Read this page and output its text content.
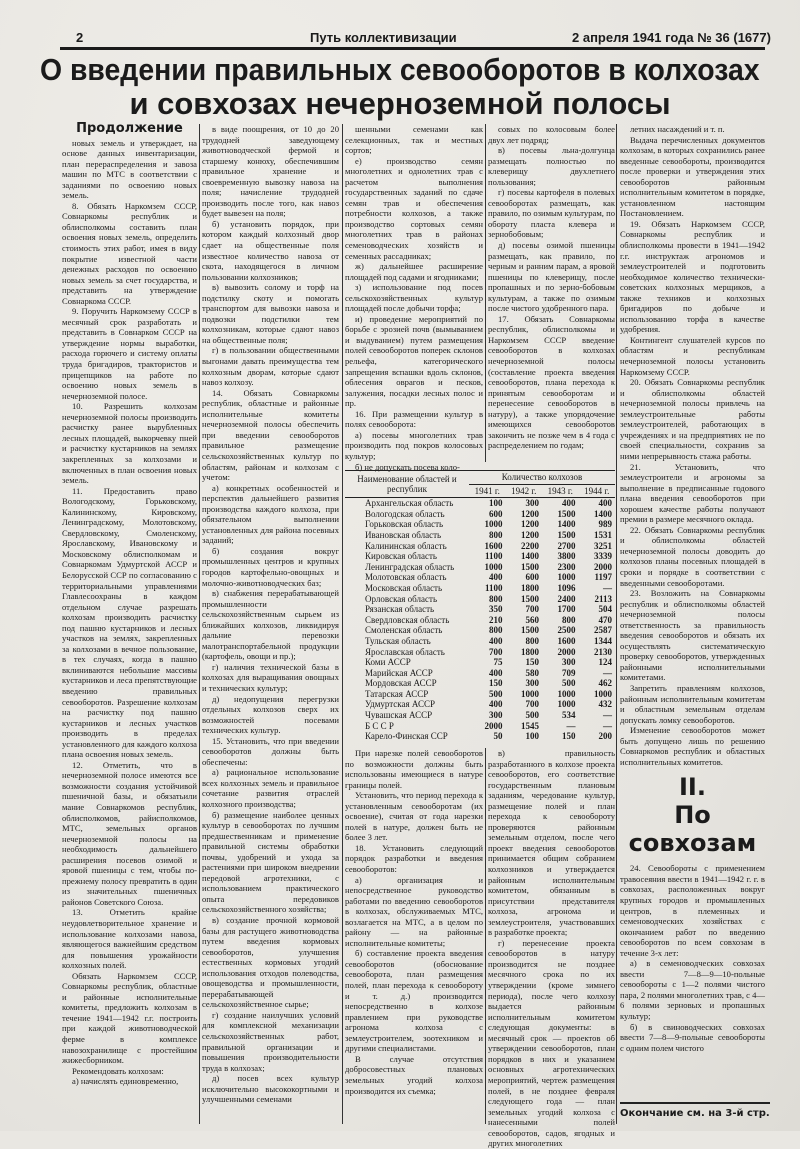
2	Путь коллективизации	2 апреля 1941 года № 36 (1677)
О введении правильных севооборотов в колхозах
и совхозах нечерноземной полосы
Продолжение

новых земель и утверждает, на основе данных инвентаризации, план перераспределения и завоза машин по МТС в соответствии с заданиями по освоению новых земель.

8. Обязать Наркомзем СССР, Совнаркомы республик и облисполкомы составить план освоения новых земель, определить стоимость этих работ, имея в виду покрытие известной части денежных расходов по освоению новых земель за счет государства, и представить на утверждение Совнаркома СССР.

9. Поручить Наркомзему СССР в месячный срок разработать и представить в Совнарком СССР на утверждение нормы выработки, расхода горючего и систему оплаты труда бригадиров, трактористов и прицепщиков на работе по освоению новых земель в нечерноземной полосе.

10. Разрешить колхозам нечерноземной полосы производить расчистку ранее вырубленных лесных площадей, выкорчевку пней и расчистку кустарников на землях закрепленных за колхозами и включенных в план освоения новых земель.

11. Предоставить право Вологодскому, Горьковскому, Калининскому, Кировскому, Ленинградскому, Молотовскому, Свердловскому, Смоленскому, Ярославскому, Ивановскому и Московскому облисполкомам и Совнаркомам Удмуртской АССР и Белорусской ССР по согласованию с территориальными управлениями Главлесоохраны в каждом отдельном случае разрешать колхозам производить расчистку под пашню кустарников и лесных участков на землях, закрепленных за колхозами в вечное пользование, в тех случаях, когда в пашню вклиниваются небольшие массивы кустарников и леса препятствующие введению правильных севооборотов. Разрешение колхозам на расчистку под пашню кустарников и лесных участков производить в пределах установленного для каждого колхоза плана освоения новых земель.

12. Отметить, что в нечерноземной полосе имеются все возможности создания устойчивой пшеничной базы, и обязатьили мание Совнаркомов республик, облисполкомов, райисполкомов, МТС, земельных органов нечерноземной полосы на необходимость дальнейшего расширения посевов озимой и яровой пшеницы с тем, чтобы по-прежнему полосу превратить в один из значительных пшеничных районов Советского Союза.

13. Отметить крайне неудовлетворительное хранение и использование колхозами навоза, являющегося важнейшим средством для повышения урожайности колхозных полей.

Обязать Наркомзем СССР, Совнаркомы республик, областные и районные исполнительные комитеты, предложить колхозам в течение 1941—1942 г.г. построить при каждой животноводческой ферме в комплексе навозохранилище с простейшим жижесборником.

Рекомендовать колхозам:

а) начислять единовременно,

в виде поощрения, от 10 до 20 трудодней заведующему животноводческой фермой и старшему конюху, обеспечившим правильное хранение и своевременную вывозку навоза на поля; начисление трудодней производить после того, как навоз будет вывезен на поля;

б) установить порядок, при котором каждый колхозный двор сдает на общественные поля известное количество навоза от скота, находящегося в личном пользовании колхозников;

в) вывозить солому и торф на подстилку скоту и помогать транспортом для вывозки навоза и подвозки подстилки тем колхозникам, которые сдают навоз на общественные поля;

г) в пользовании общественными выгонами давать преимущества тем колхозным дворам, которые сдают навоз колхозу.

14. Обязать Совнаркомы республик, областные и районные исполнительные комитеты нечерноземной полосы обеспечить при введении севооборотов правильное размещение сельскохозяйственных культур по областям, районам и колхозам с учетом:

а) конкретных особенностей и перспектив дальнейшего развития производства каждого колхоза, при обязательном выполнении установленных для района посевных заданий;

б) создания вокруг промышленных центров и крупных городов картофельно-овощных и молочно-животноводческих баз;

в) снабжения перерабатывающей промышленности сельскохозяйственным сырьем из ближайших колхозов, ликвидируя дальние перевозки малотранспортабельной продукции (картофель, овощи и пр.);

г) наличия технической базы в колхозах для выращивания овощных и технических культур;

д) недопущения перегрузки отдельных колхозов сверх их возможностей посевами технических культур.

15. Установить, что при введении севооборотов должны быть обеспечены:

а) рациональное использование всех колхозных земель и правильное сочетание развития отраслей колхозного производства;

б) размещение наиболее ценных культур в севооборотах по лучшим предшественникам и применение правильной системы обработки почвы, удобрений и ухода за растениями при широком внедрении передовой агротехники, с использованием практического опыта передовиков сельскохозяйственного хозяйства;

в) создание прочной кормовой базы для растущего животноводства путем введения кормовых севооборотов, улучшения естественных кормовых угодий использования отходов полеводства, овощеводства и промышленности, перерабатывающей сельскохозяйственное сырье;

г) создание наилучших условий для комплексной механизации сельскохозяйственных работ, правильной организации и повышения производительности труда в колхозах;

д) посев всех культур исключительно высококортными и улучшенными семенами

шенными семенами как селекционных, так и местных сортов;

е) производство семян многолетних и однолетних трав с расчетом выполнения государственных заданий по сдаче семян трав и обеспечения потребности колхозов, а также производство сортовых семян многолетних трав в районах семеноводческих хозяйств и семенных рассадниках;

ж) дальнейшее расширение площадей под садами и ягодниками;

з) использование под посев сельскохозяйственных культур площадей после добычи торфа;

и) проведение мероприятий по борьбе с эрозией почв (вымыванием и выдуванием) путем размещения полей севооборотов поперек склонов рельефа, категорического запрещения вспашки вдоль склонов, облесения оврагов и песков, залужения, посадки лесных полос и пр.

16. При размещении культур в полях севооборота:

а) посевы многолетних трав производить под покров колосовых культур;

б) не допускать посева коло-

совых по колосовым более двух лет подряд;

в) посевы льна-долгунца размещать полностью по клеверищу двухлетнего пользования;

г) посевы картофеля в полевых севооборотах размещать, как правило, по озимым культурам, по обороту пласта клевера и зернобобовым;

д) посевы озимой пшеницы размещать, как правило, по черным и ранним парам, а яровой пшеницы по клеверищу, после пропашных и по зерно-бобовым культурам, а также по озимым после чистого удобренного пара.

17. Обязать Совнаркомы республик, облисполкомы и Наркомзем СССР введение севооборотов в колхозах нечерноземной полосы (составление проекта введения севооборотов, плана перехода к принятым севооборотам и перенесение севооборотов в натуру), а также упорядочение имеющихся севооборотов закончить не позже чем в 4 года с распределением по годам;

Наименование областей и республик	Количество колхозов			
	1941 г.	1942 г.	1943 г.	1944 г.
Архангельская область	100	300	400	400
Вологодская область	600	1200	1500	1400
Горьковская область	1000	1200	1400	989
Ивановская область	800	1200	1500	1531
Калининская область	1600	2200	2700	3251
Кировская область	1100	1400	3800	3339
Ленинградская область	1000	1500	2300	2000
Молотовская область	400	600	1000	1197
Московская область	1100	1800	1096	—
Орловская область	800	1500	2400	2113
Рязанская область	350	700	1700	504
Свердловская область	210	560	800	470
Смоленская область	800	1500	2500	2587
Тульская область	400	800	1600	1344
Ярославская область	700	1800	2000	2130
Коми АССР	75	150	300	124
Марийская АССР	400	580	709	—
Мордовская АССР	150	300	500	462
Татарская АССР	500	1000	1000	1000
Удмуртская АССР	400	700	1000	432
Чувашская АССР	300	500	534	—
Б С С Р	2000	1545	—	—
Карело-Финская ССР	50	100	150	200

При нарезке полей севооборотов по возможности должны быть использованы имеющиеся в натуре границы полей.

Установить, что период перехода к установленным севооборотам (их освоение), считая от года нарезки полей в натуре, должен быть не более 3 лет.

18. Установить следующий порядок разработки и введения севооборотов:

а) организация и непосредственное руководство работами по введению севооборотов в колхозах, обслуживаемых МТС, возлагается на МТС, а в целом по району — на районные исполнительные комитеты;

б) составление проекта введения севооборотов (обоснование севооборота, план размещения полей, план перехода к севообороту и т. д.) производится непосредственно в колхозе правлением при руководстве агронома колхоза с землеустроителем, зоотехником и другими специалистами.

В случае отсутствия добросовестных плановых земельных угодий колхоза производится их съемка;

в) правильность разработанного в колхозе проекта севооборотов, его соответствие государственным плановым заданиям, чередование культур, размещение полей и план перехода к севообороту проверяются районным земельным отделом, после чего проект введения севооборотов принимается общим собранием колхозников и утверждается районным исполнительным комитетом, обязанным в присутствии представителя колхоза, агронома и землеустроителя, участвовавших в разработке проекта;

г) перенесение проекта севооборотов в натуру производится не позднее месячного срока по их утверждении (кроме зимнего периода), после чего колхозу выдается районным исполнительным комитетом следующая документы: в месячный срок — проектов об утверждении севооборотов, план порядков в них и указанием основных агротехнических мероприятий, чертеж размещения полей, в не позднее февраля следующего года — план земельных угодий колхоза с нанесенными полей севооборотов, садов, ягодных и других многолетних

летних насаждений и т. п.

Выдача перечисленных документов колхозам, в которых сохранились ранее введенные севообороты, производится после проверки и утверждения этих севооборотов районным исполнительным комитетом в порядке, установленном настоящим Постановлением.

19. Обязать Наркомзем СССР, Совнаркомы республик и облисполкомы провести в 1941—1942 г.г. инструктаж агрономов и землеустроителей и подготовить необходимое количество технически-советских колхозных мерщиков, а также техников и колхозных бригадиров по добыче и использованию торфа в качестве удобрения.

Контингент слушателей курсов по областям и республикам нечерноземной полосы установить Наркомзему СССР.

20. Обязать Совнаркомы республик и облисполкомы областей нечерноземной полосы привлечь на землеустроительные работы землеустроителей, работающих в учреждениях и на предприятиях не по своей специальности, сохранив за ними непрерывность стажа работы.

21. Установить, что землеустроители и агрономы за выполнение в предписанные годового плана введения севооборотов при хорошем качестве работы получают премии в размере месячного оклада.

22. Обязать Совнаркомы республик и облисполкомы областей нечерноземной полосы доводить до колхозов планы посевных площадей в сроки и порядке в соответствии с введенными севооборотами.

23. Возложить на Совнаркомы республик и облисполкомы областей нечерноземной полосы ответственность за правильность введения севооборотов и обязать их осуществлять систематическую проверку севооборотов, утвержденных районными исполнительными комитетами.

Запретить правлениям колхозов, районным исполнительным комитетам и областным земельным отделам допускать ломку севооборотов.

Изменение севооборотов может быть допущено лишь по решению Совнаркомов республик и областных исполнительных комитетов.

II.
По совхозам

24. Севообороты с применением травосеяния ввести в 1941—1942 г. г. в совхозах, расположенных вокруг крупных городов и промышленных центров, в племенных и семеноводческих хозяйствах с окончанием работ по введению севооборотов по всем совхозам в течение 3-х лет:

а) в семеноводческих совхозах ввести 7—8—9—10-польные севообороты с 1—2 полями чистого пара, 2 полями многолетних трав, с 4—6 полями зерновых и пропашных культур;

б) в свиноводческих совхозах ввести 7—8—9-польные севообороты с одним полем чистого

Окончание см. на 3-й стр.
